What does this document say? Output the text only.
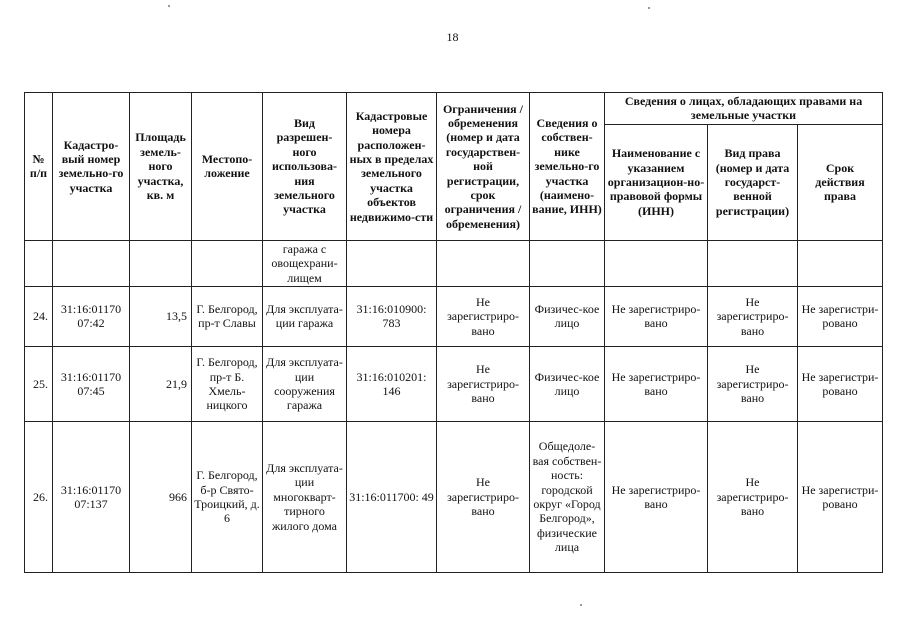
18
№ п/п	Кадастро-вый номер земельно-го участка	Площадь земель-ного участка, кв. м	Местопо-ложение	Вид разрешен-ного использова-ния земельного участка	Кадастровые номера расположен-ных в пределах земельного участка объектов недвижимо-сти	Ограничения / обременения (номер и дата государствен-ной регистрации, срок ограничения / обременения)	Сведения о собствен-нике земельно-го участка (наимено-вание, ИНН)	Сведения о лицах, обладающих правами на земельные участки		
								Наименование с указанием организацион-но-правовой формы (ИНН)	Вид права (номер и дата государст-венной регистрации)	Срок действия права
				гаража с овощехрани-лищем						
24.	31:16:01170 07:42	13,5	Г. Белгород, пр-т Славы	Для эксплуата-ции гаража	31:16:010900: 783	Не зарегистриро-вано	Физичес-кое лицо	Не зарегистриро-вано	Не зарегистриро-вано	Не зарегистри-ровано
25.	31:16:01170 07:45	21,9	Г. Белгород, пр-т Б. Хмель-ницкого	Для эксплуата-ции сооружения гаража	31:16:010201: 146	Не зарегистриро-вано	Физичес-кое лицо	Не зарегистриро-вано	Не зарегистриро-вано	Не зарегистри-ровано
26.	31:16:01170 07:137	966	Г. Белгород, б-р Свято-Троицкий, д. 6	Для эксплуата-ции многокварт-тирного жилого дома	31:16:011700: 49	Не зарегистриро-вано	Общедоле-вая собствен-ность: городской округ «Город Белгород», физические лица	Не зарегистриро-вано	Не зарегистриро-вано	Не зарегистри-ровано
